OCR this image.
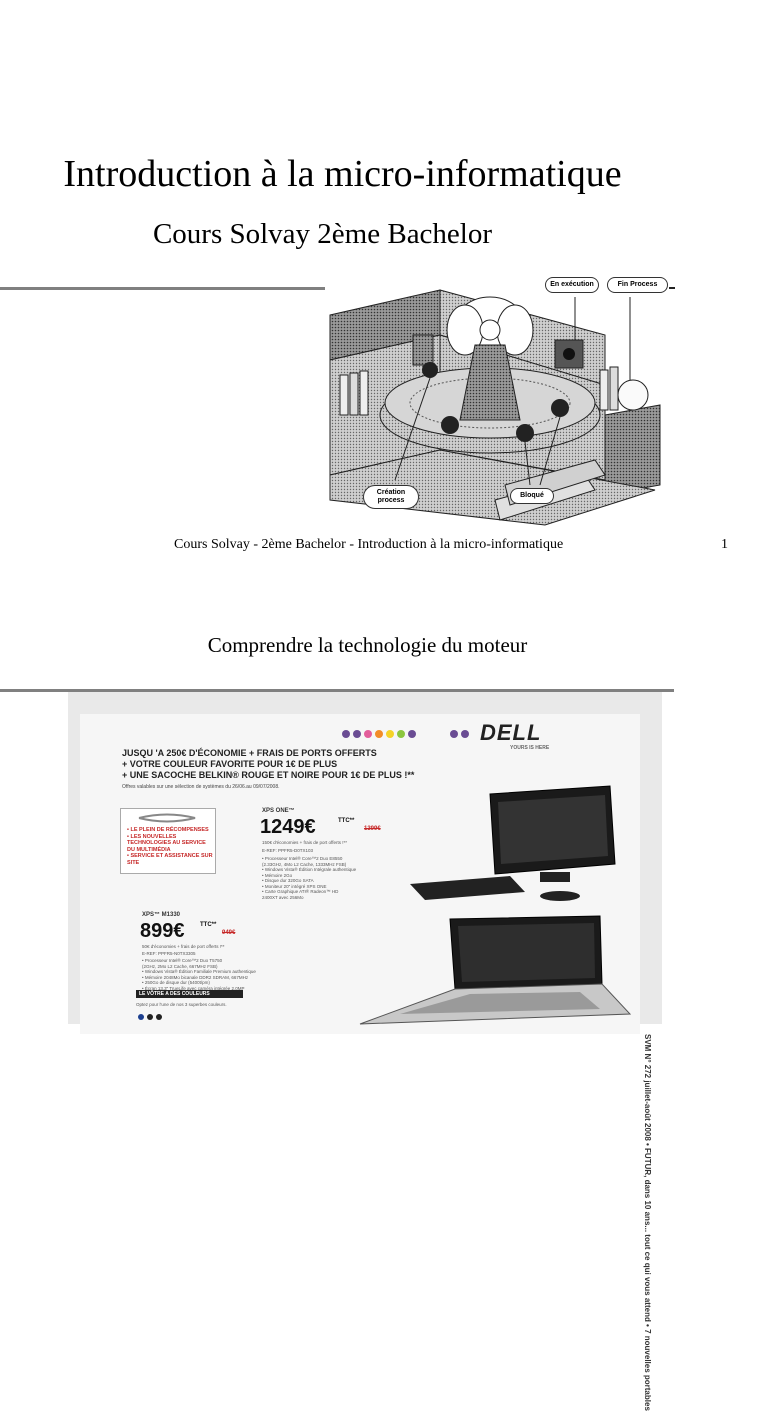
Introduction à la micro-informatique
Cours Solvay 2ème Bachelor
En exécution	Fin Process
Création process
Bloqué
Cours Solvay - 2ème Bachelor - Introduction à la micro-informatique	1
Comprendre la technologie du moteur
DELL
YOURS IS HERE
JUSQU 'A 250€ D'ÉCONOMIE + FRAIS DE PORTS OFFERTS
+ VOTRE COULEUR FAVORITE POUR 1€ DE PLUS
+ UNE SACOCHE BELKIN® ROUGE ET NOIRE POUR 1€ DE PLUS !**
Offres valables sur une sélection de systèmes du 26/06.au 09/07/2008.
• LE PLEIN DE RÉCOMPENSES
• LES NOUVELLES TECHNOLOGIES AU SERVICE DU MULTIMÉDIA
• SERVICE ET ASSISTANCE SUR SITE
XPS ONE™
1249€	TTC**
1399€
150€ d'économies + frais de port offerts !**
E-REF: PPFR5-D0TX103
• Processeur Intel® Core™2 Duo E8550
(2.33GHz, 4Mo L2 Cache, 1333MHz FSB)
• Windows Vista® Édition Intégrale authentique
• Mémoire 2Go
• Disque dur 320Go SATA
• Moniteur 20" intégré XPS ONE
• Carte Graphique ATI® Radeon™ HD
2400XT avec 256Mo
XPS™ M1330
899€	TTC**
949€
50€ d'économies + frais de port offerts !**
E-REF: PPFR5-N0TX3305
• Processeur Intel® Core™2 Duo T5750
(2GHz, 2Mo L2 Cache, 667MHz FSB)
• Windows Vista® Édition Familiale Premium authentique
• Mémoire 2048Mo bicanale DDR2 SDRAM, 667MHz
• 250Go de disque dur (5400t/pm)
• Écran 13.3" TrueLife avec caméra intégrée 2.0MP
LE VÔTRE A DES COULEURS
Optez pour l'une de nos 3 superbes couleurs.
SVM N° 272 juillet-août 2008 • FUTUR, dans 10 ans... tout ce qui vous attend • 7 nouvelles portables
